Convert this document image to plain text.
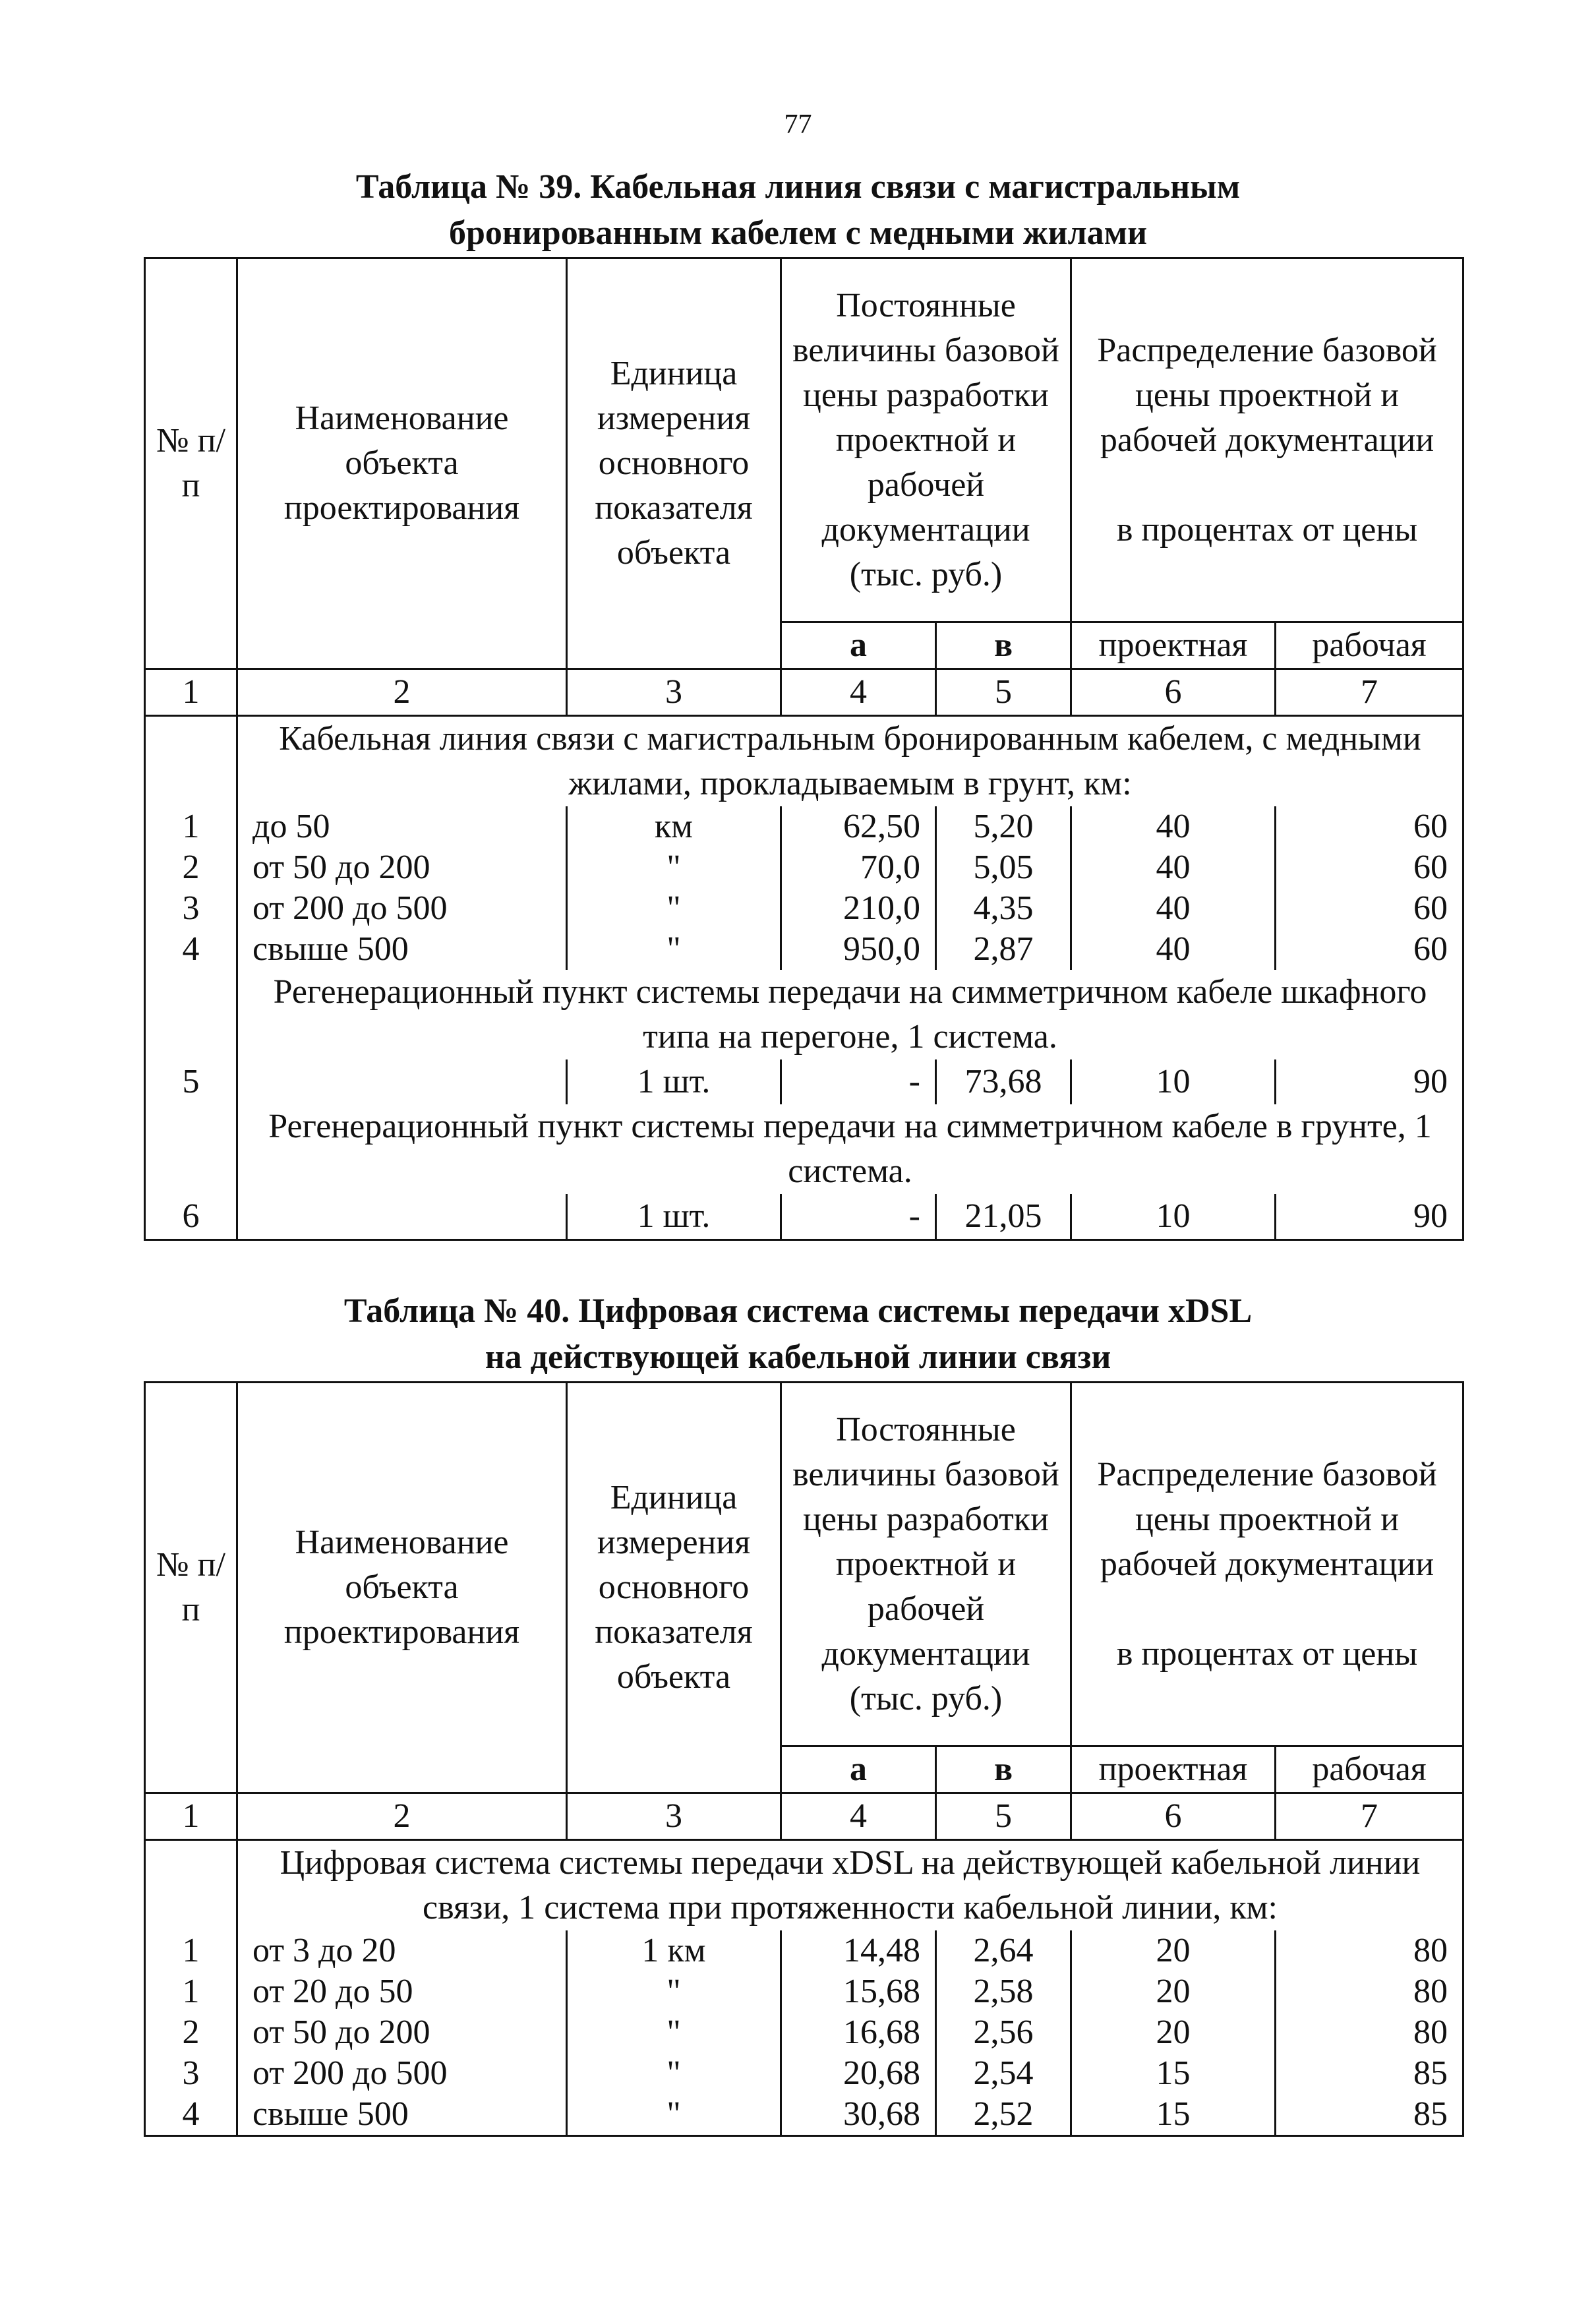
77
Таблица № 39. Кабельная линия связи с магистральным
бронированным кабелем с медными жилами
№ п/п	Наименование объекта проектирования	Единица измерения основного показателя объекта	Постоянные величины базовой цены разработки проектной и рабочей документации (тыс. руб.)		Распределение базовой цены проектной и рабочей документации
в процентах от цены	

			а	в	проектная	рабочая
1	2	3	4	5	6	7
	Кабельная линия связи с магистральным бронированным кабелем, с медными жилами, прокладываемым в грунт, км:					
1	до 50	км	62,50	5,20	40	60
2	от 50 до 200	"	70,0	5,05	40	60
3	от 200 до 500	"	210,0	4,35	40	60
4	свыше 500	"	950,0	2,87	40	60
	Регенерационный пункт системы передачи на симметричном кабеле шкафного типа на перегоне, 1 система.					
5		1 шт.	-	73,68	10	90
	Регенерационный пункт системы передачи на симметричном кабеле в грунте, 1 система.					
6		1 шт.	-	21,05	10	90
Таблица № 40. Цифровая система системы передачи xDSL
на действующей кабельной линии связи
№ п/п	Наименование объекта проектирования	Единица измерения основного показателя объекта	Постоянные величины базовой цены разработки проектной и рабочей документации (тыс. руб.)		Распределение базовой цены проектной и рабочей документации
в процентах от цены	

			а	в	проектная	рабочая
1	2	3	4	5	6	7
	Цифровая система системы передачи xDSL на действующей кабельной линии связи, 1 система при протяженности кабельной линии, км:					
1	от 3 до 20	1 км	14,48	2,64	20	80
1	от 20 до 50	"	15,68	2,58	20	80
2	от 50 до 200	"	16,68	2,56	20	80
3	от 200 до 500	"	20,68	2,54	15	85
4	свыше 500	"	30,68	2,52	15	85
